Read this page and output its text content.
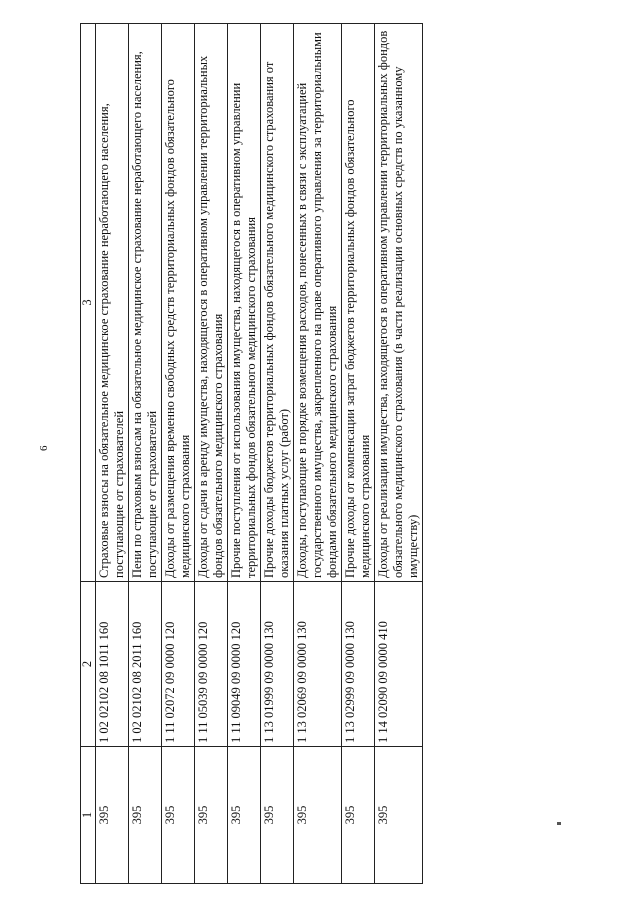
6
1	2	3
395	1 02 02102 08 1011 160	Страховые взносы на обязательное медицинское страхование неработающего населения, поступающие от страхователей
395	1 02 02102 08 2011 160	Пени по страховым взносам на обязательное медицинское страхование неработающего населения, поступающие от страхователей
395	1 11 02072 09 0000 120	Доходы от размещения временно свободных средств территориальных фондов обязательного медицинского страхования
395	1 11 05039 09 0000 120	Доходы от сдачи в аренду имущества, находящегося в оперативном управлении территориальных фондов обязательного медицинского страхования
395	1 11 09049 09 0000 120	Прочие поступления от использования имущества, находящегося в оперативном управлении территориальных фондов обязательного медицинского страхования
395	1 13 01999 09 0000 130	Прочие доходы бюджетов территориальных фондов обязательного медицинского страхования от оказания платных услуг (работ)
395	1 13 02069 09 0000 130	Доходы, поступающие в порядке возмещения расходов, понесенных в связи с эксплуатацией государственного имущества, закрепленного на праве оперативного управления за территориальными фондами обязательного медицинского страхования
395	1 13 02999 09 0000 130	Прочие доходы от компенсации затрат бюджетов территориальных фондов обязательного медицинского страхования
395	1 14 02090 09 0000 410	Доходы от реализации имущества, находящегося в оперативном управлении территориальных фондов обязательного медицинского страхования (в части реализации основных средств по указанному имуществу)
